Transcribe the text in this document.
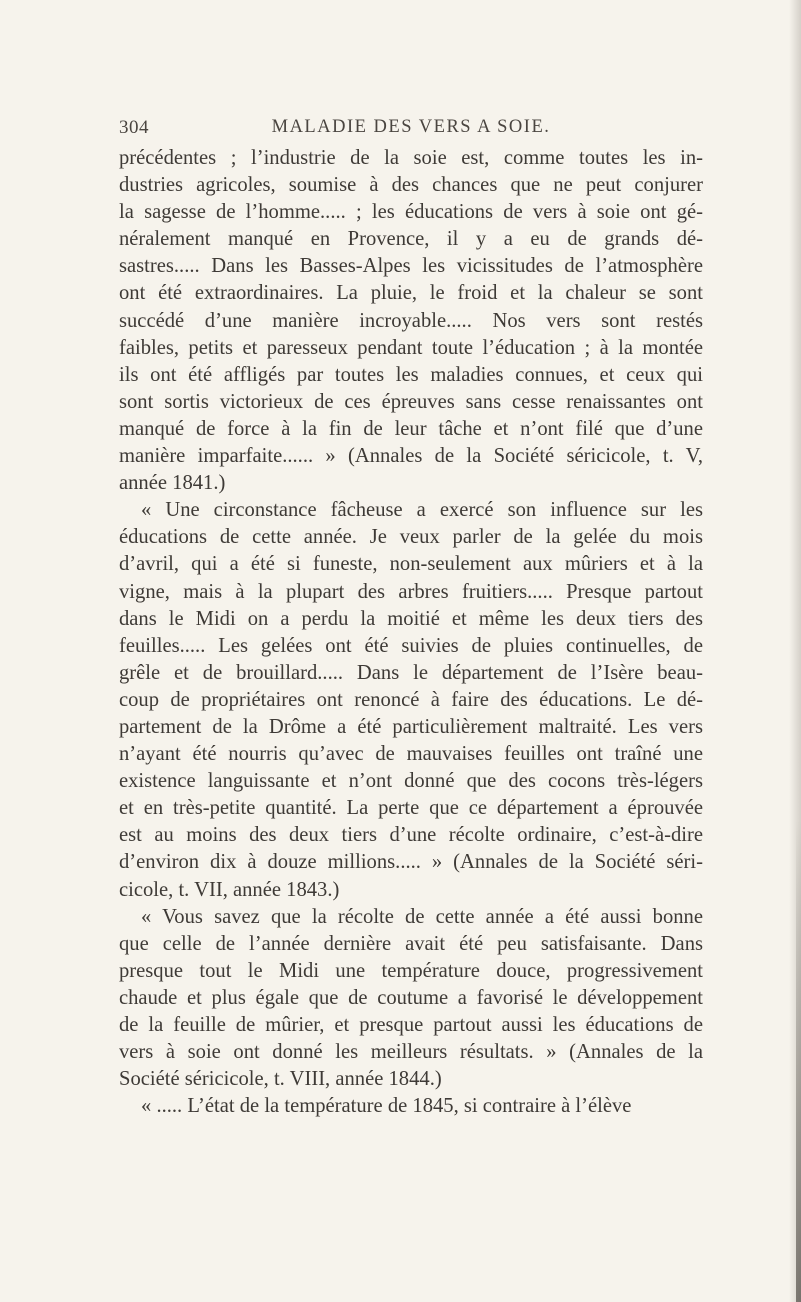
304	MALADIE DES VERS A SOIE.
précédentes ; l’industrie de la soie est, comme toutes les in-
dustries agricoles, soumise à des chances que ne peut conjurer
la sagesse de l’homme..... ; les éducations de vers à soie ont gé-
néralement manqué en Provence, il y a eu de grands dé-
sastres..... Dans les Basses-Alpes les vicissitudes de l’atmosphère
ont été extraordinaires. La pluie, le froid et la chaleur se sont
succédé d’une manière incroyable..... Nos vers sont restés
faibles, petits et paresseux pendant toute l’éducation ; à la montée
ils ont été affligés par toutes les maladies connues, et ceux qui
sont sortis victorieux de ces épreuves sans cesse renaissantes ont
manqué de force à la fin de leur tâche et n’ont filé que d’une
manière imparfaite...... » (Annales de la Société séricicole, t. V,
année 1841.)
« Une circonstance fâcheuse a exercé son influence sur les
éducations de cette année. Je veux parler de la gelée du mois
d’avril, qui a été si funeste, non-seulement aux mûriers et à la
vigne, mais à la plupart des arbres fruitiers..... Presque partout
dans le Midi on a perdu la moitié et même les deux tiers des
feuilles..... Les gelées ont été suivies de pluies continuelles, de
grêle et de brouillard..... Dans le département de l’Isère beau-
coup de propriétaires ont renoncé à faire des éducations. Le dé-
partement de la Drôme a été particulièrement maltraité. Les vers
n’ayant été nourris qu’avec de mauvaises feuilles ont traîné une
existence languissante et n’ont donné que des cocons très-légers
et en très-petite quantité. La perte que ce département a éprouvée
est au moins des deux tiers d’une récolte ordinaire, c’est-à-dire
d’environ dix à douze millions..... » (Annales de la Société séri-
cicole, t. VII, année 1843.)
« Vous savez que la récolte de cette année a été aussi bonne
que celle de l’année dernière avait été peu satisfaisante. Dans
presque tout le Midi une température douce, progressivement
chaude et plus égale que de coutume a favorisé le développement
de la feuille de mûrier, et presque partout aussi les éducations de
vers à soie ont donné les meilleurs résultats. » (Annales de la
Société séricicole, t. VIII, année 1844.)
« ..... L’état de la température de 1845, si contraire à l’élève
